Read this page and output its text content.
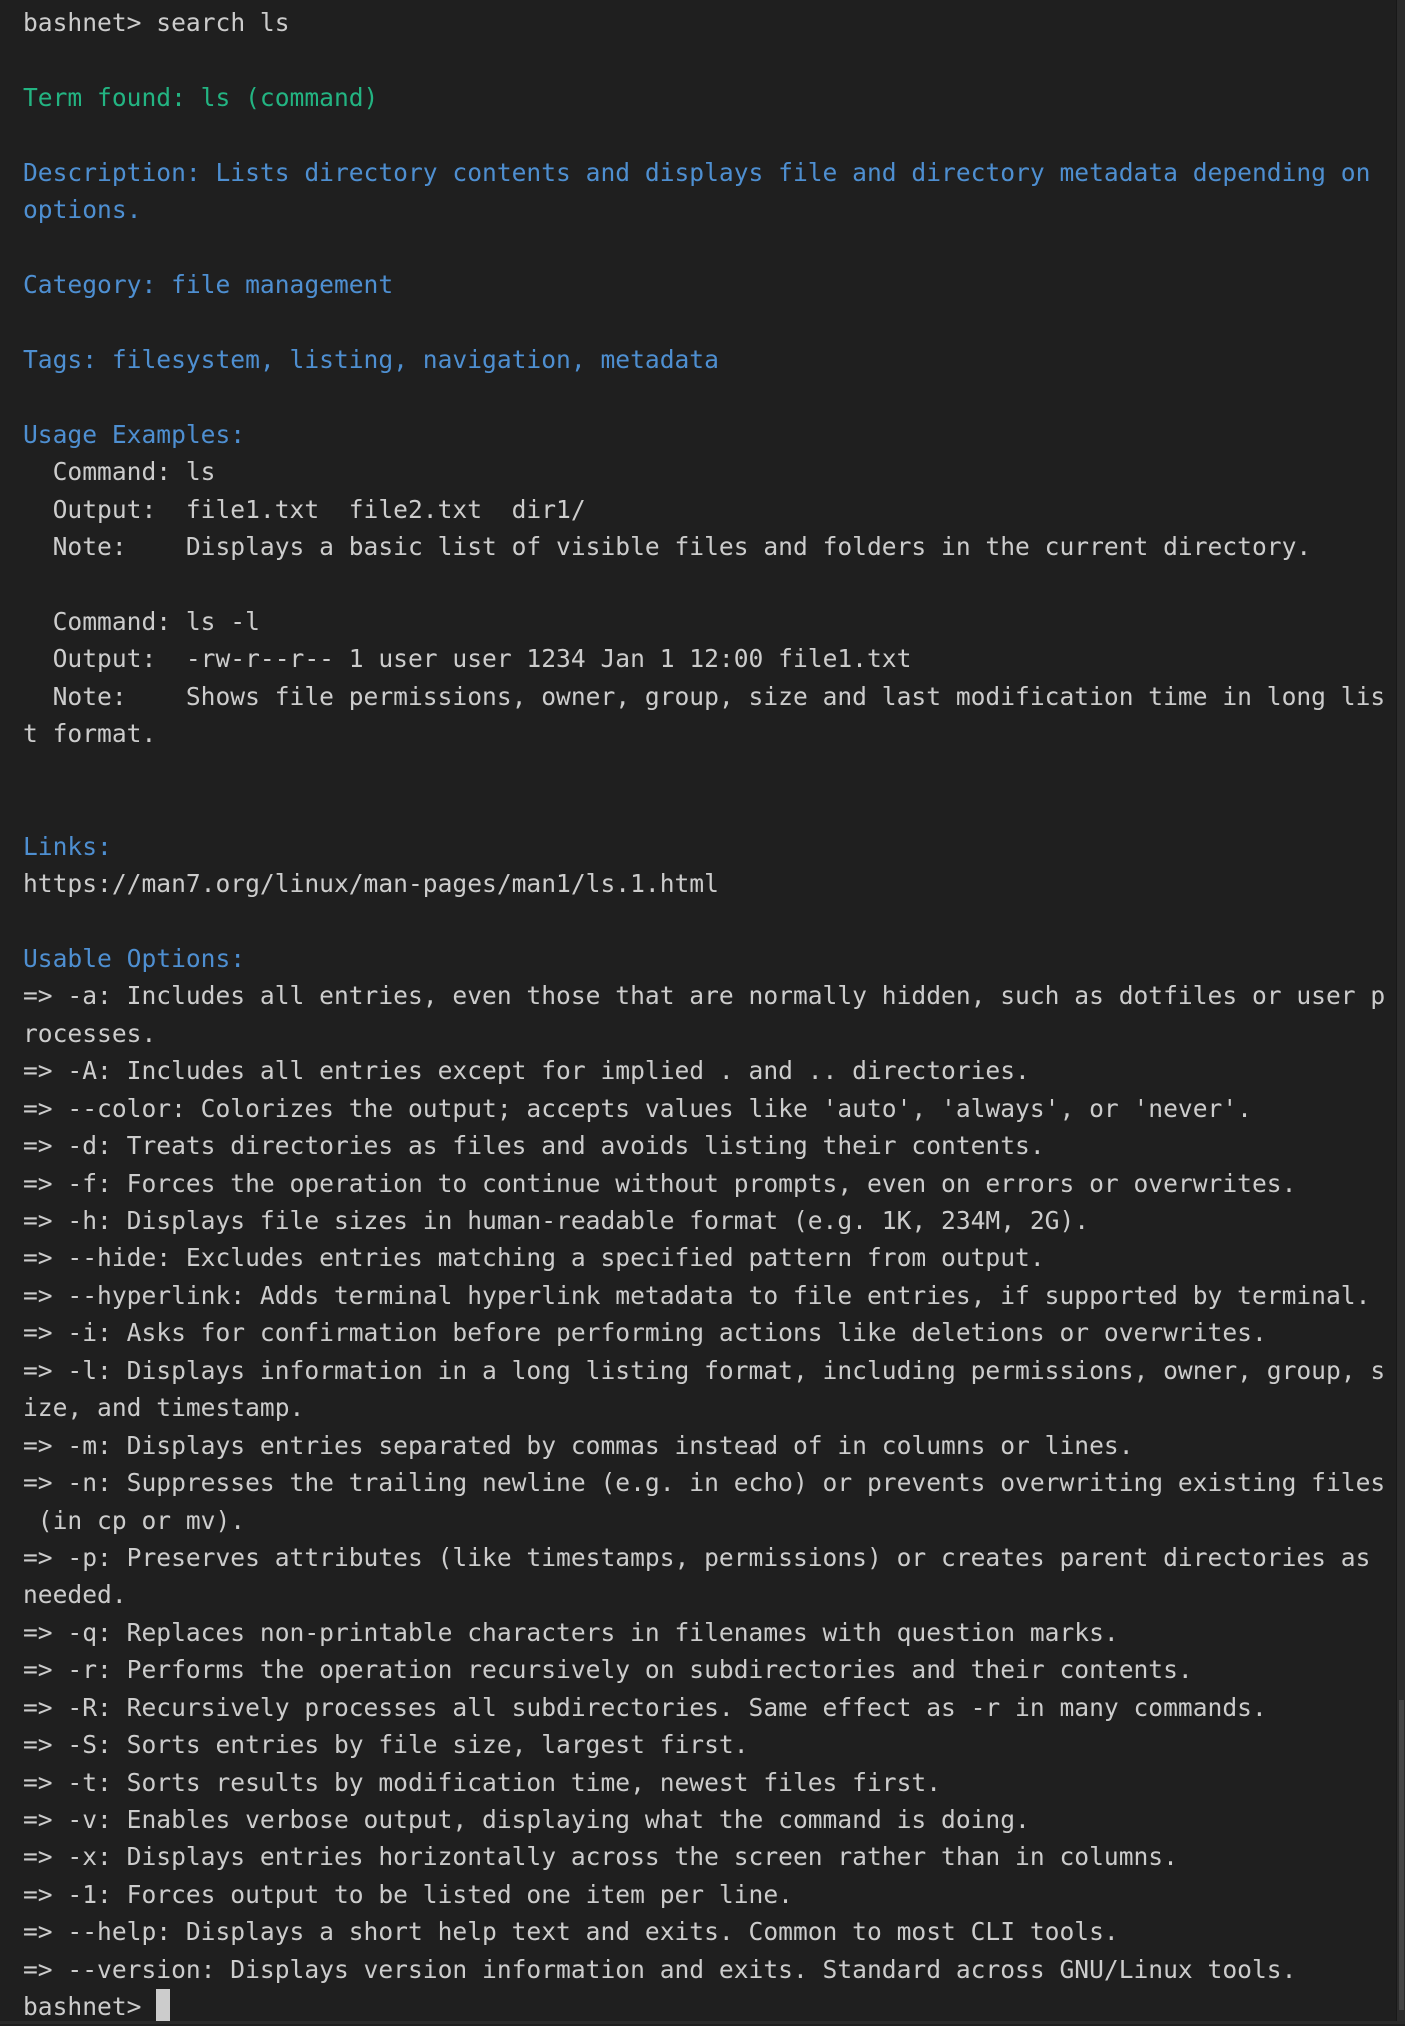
bashnet> search ls
Term found: ls (command)
Description: Lists directory contents and displays file and directory metadata depending on
options.
Category: file management
Tags: filesystem, listing, navigation, metadata
Usage Examples:
Command: ls
Output:  file1.txt  file2.txt  dir1/
Note:    Displays a basic list of visible files and folders in the current directory.
Command: ls -l
Output:  -rw-r--r-- 1 user user 1234 Jan 1 12:00 file1.txt
Note:    Shows file permissions, owner, group, size and last modification time in long lis
t format.
Links:
https://man7.org/linux/man-pages/man1/ls.1.html
Usable Options:
=> -a: Includes all entries, even those that are normally hidden, such as dotfiles or user p
rocesses.
=> -A: Includes all entries except for implied . and .. directories.
=> --color: Colorizes the output; accepts values like 'auto', 'always', or 'never'.
=> -d: Treats directories as files and avoids listing their contents.
=> -f: Forces the operation to continue without prompts, even on errors or overwrites.
=> -h: Displays file sizes in human-readable format (e.g. 1K, 234M, 2G).
=> --hide: Excludes entries matching a specified pattern from output.
=> --hyperlink: Adds terminal hyperlink metadata to file entries, if supported by terminal.
=> -i: Asks for confirmation before performing actions like deletions or overwrites.
=> -l: Displays information in a long listing format, including permissions, owner, group, s
ize, and timestamp.
=> -m: Displays entries separated by commas instead of in columns or lines.
=> -n: Suppresses the trailing newline (e.g. in echo) or prevents overwriting existing files
(in cp or mv).
=> -p: Preserves attributes (like timestamps, permissions) or creates parent directories as
needed.
=> -q: Replaces non-printable characters in filenames with question marks.
=> -r: Performs the operation recursively on subdirectories and their contents.
=> -R: Recursively processes all subdirectories. Same effect as -r in many commands.
=> -S: Sorts entries by file size, largest first.
=> -t: Sorts results by modification time, newest files first.
=> -v: Enables verbose output, displaying what the command is doing.
=> -x: Displays entries horizontally across the screen rather than in columns.
=> -1: Forces output to be listed one item per line.
=> --help: Displays a short help text and exits. Common to most CLI tools.
=> --version: Displays version information and exits. Standard across GNU/Linux tools.
bashnet>
